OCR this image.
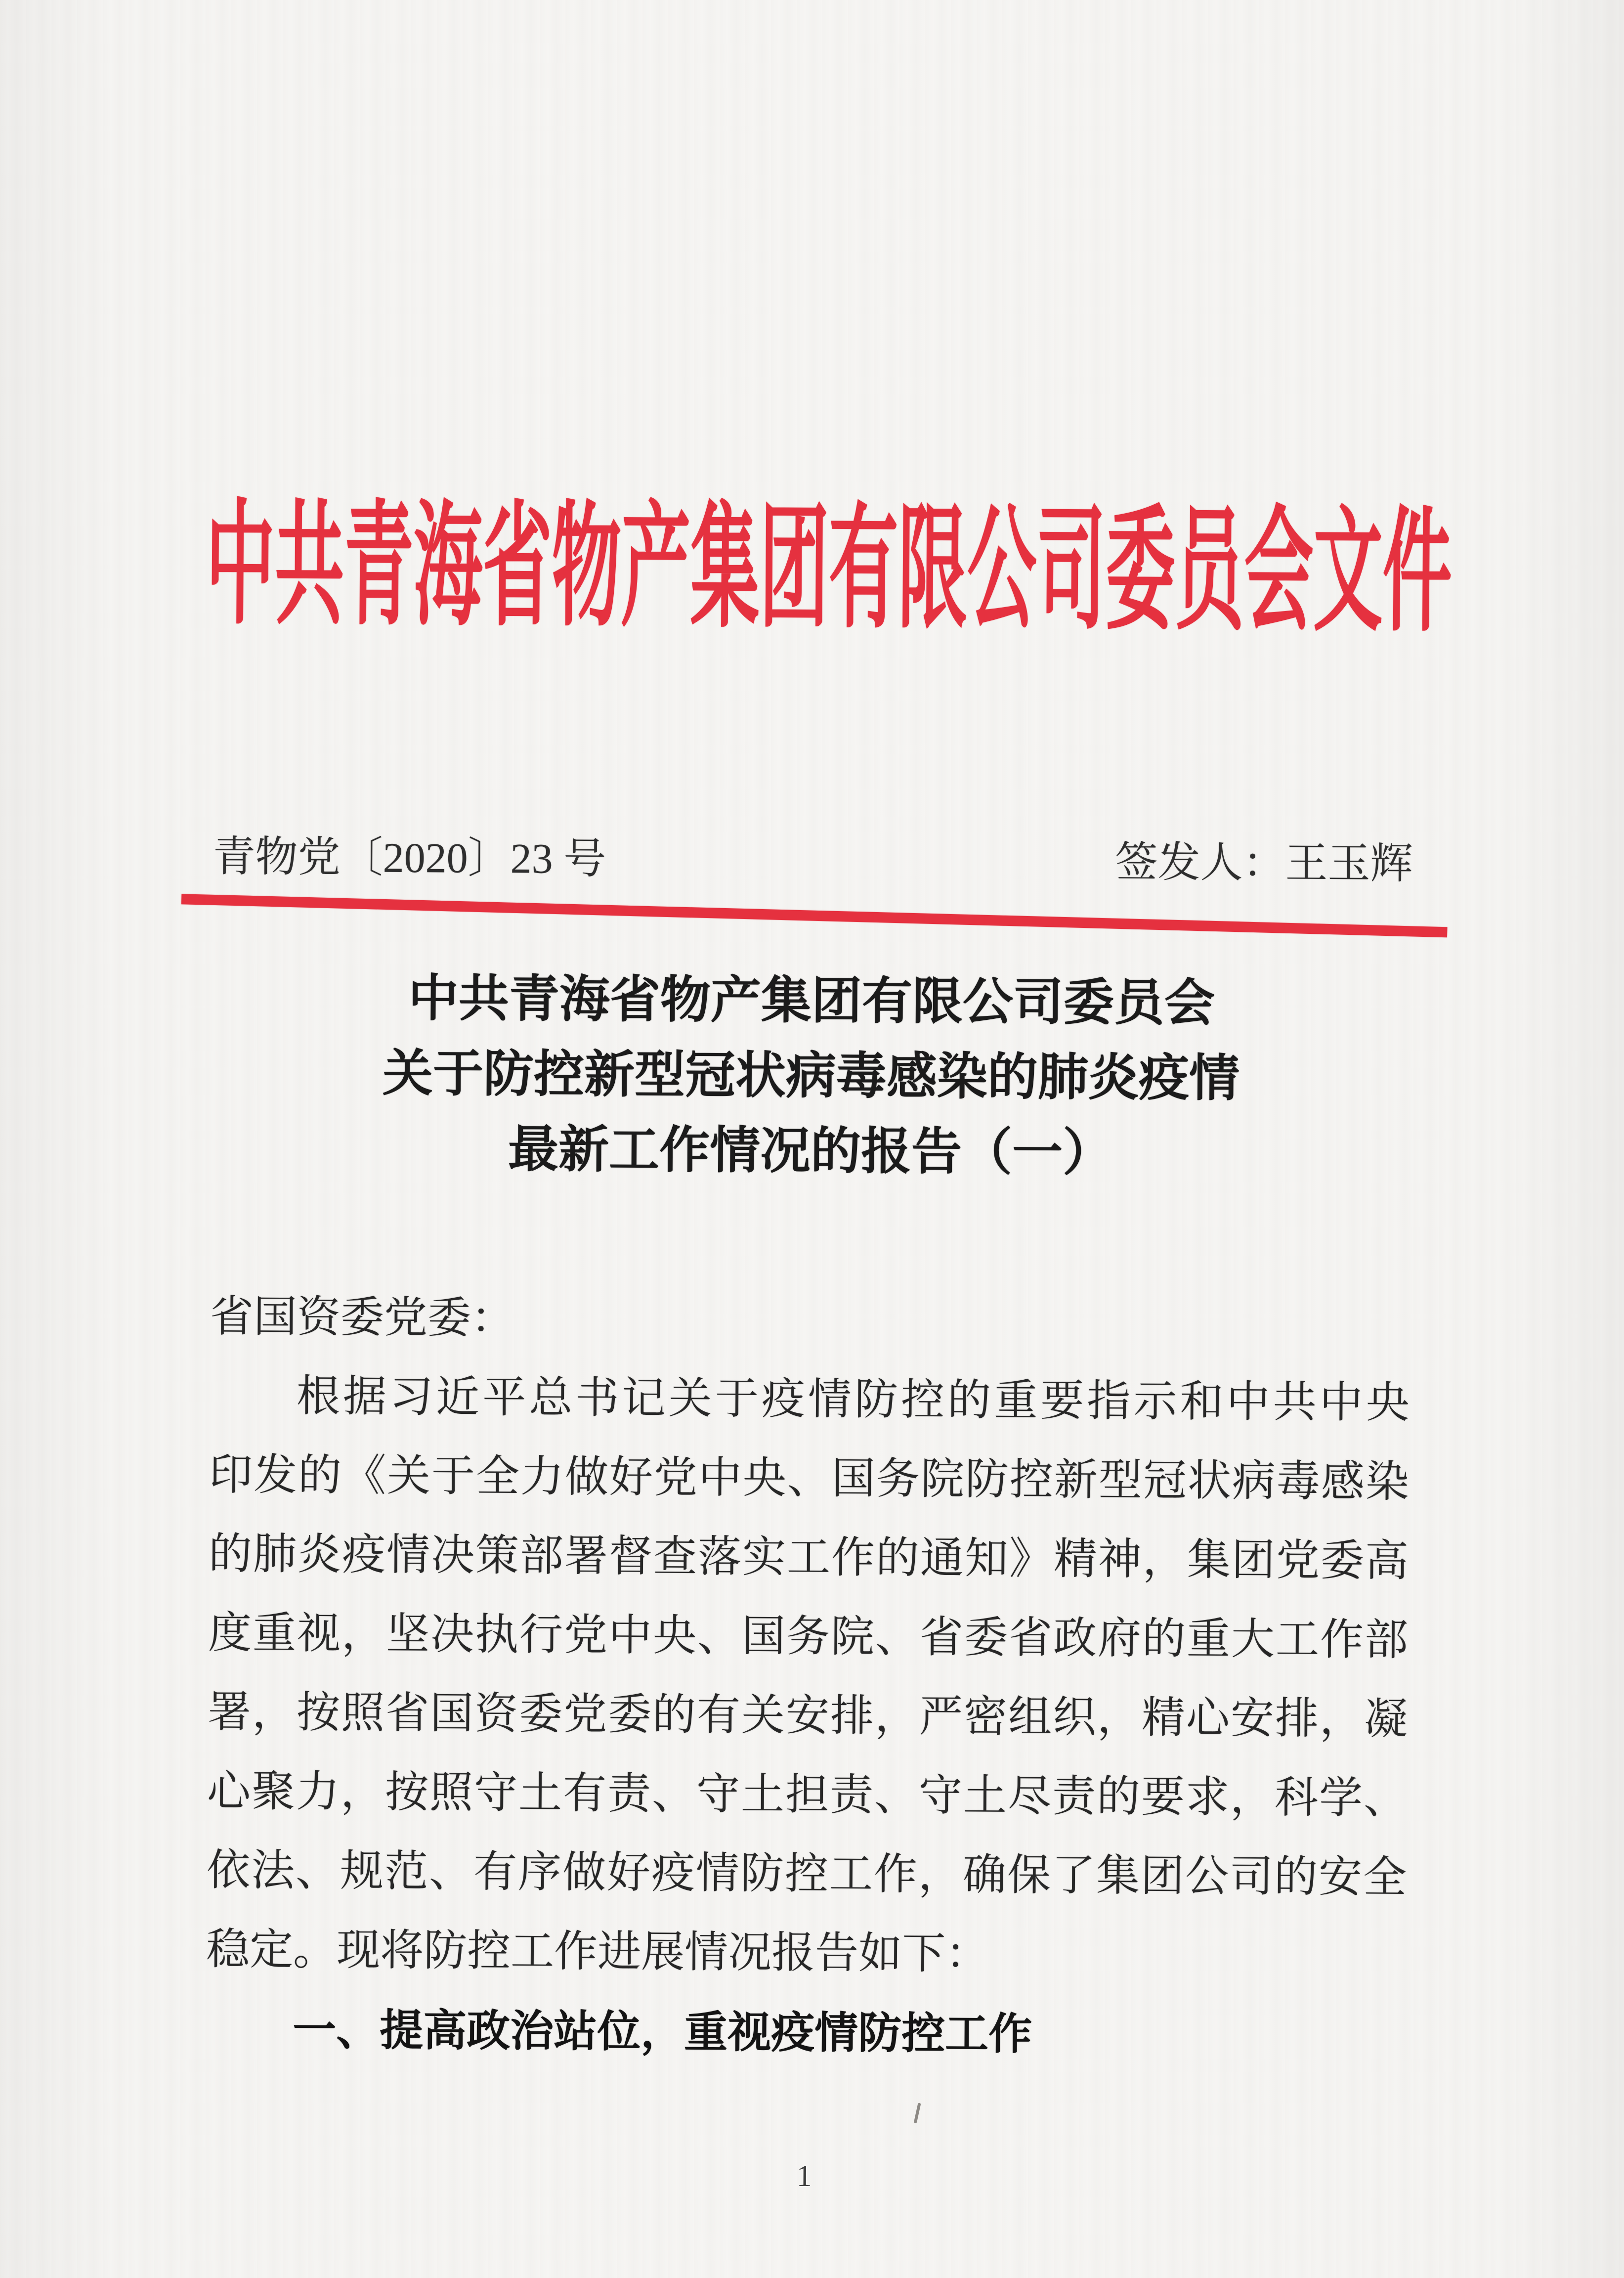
中共青海省物产集团有限公司委员会文件
青物党〔2020〕23 号	签发人：王玉辉
中共青海省物产集团有限公司委员会
关于防控新型冠状病毒感染的肺炎疫情
最新工作情况的报告（一）
省国资委党委：
根据习近平总书记关于疫情防控的重要指示和中共中央
印发的《关于全力做好党中央、国务院防控新型冠状病毒感染
的肺炎疫情决策部署督查落实工作的通知》精神，集团党委高
度重视，坚决执行党中央、国务院、省委省政府的重大工作部
署，按照省国资委党委的有关安排，严密组织，精心安排，凝
心聚力，按照守土有责、守土担责、守土尽责的要求，科学、
依法、规范、有序做好疫情防控工作，确保了集团公司的安全
稳定。现将防控工作进展情况报告如下：
一、提高政治站位，重视疫情防控工作
1
